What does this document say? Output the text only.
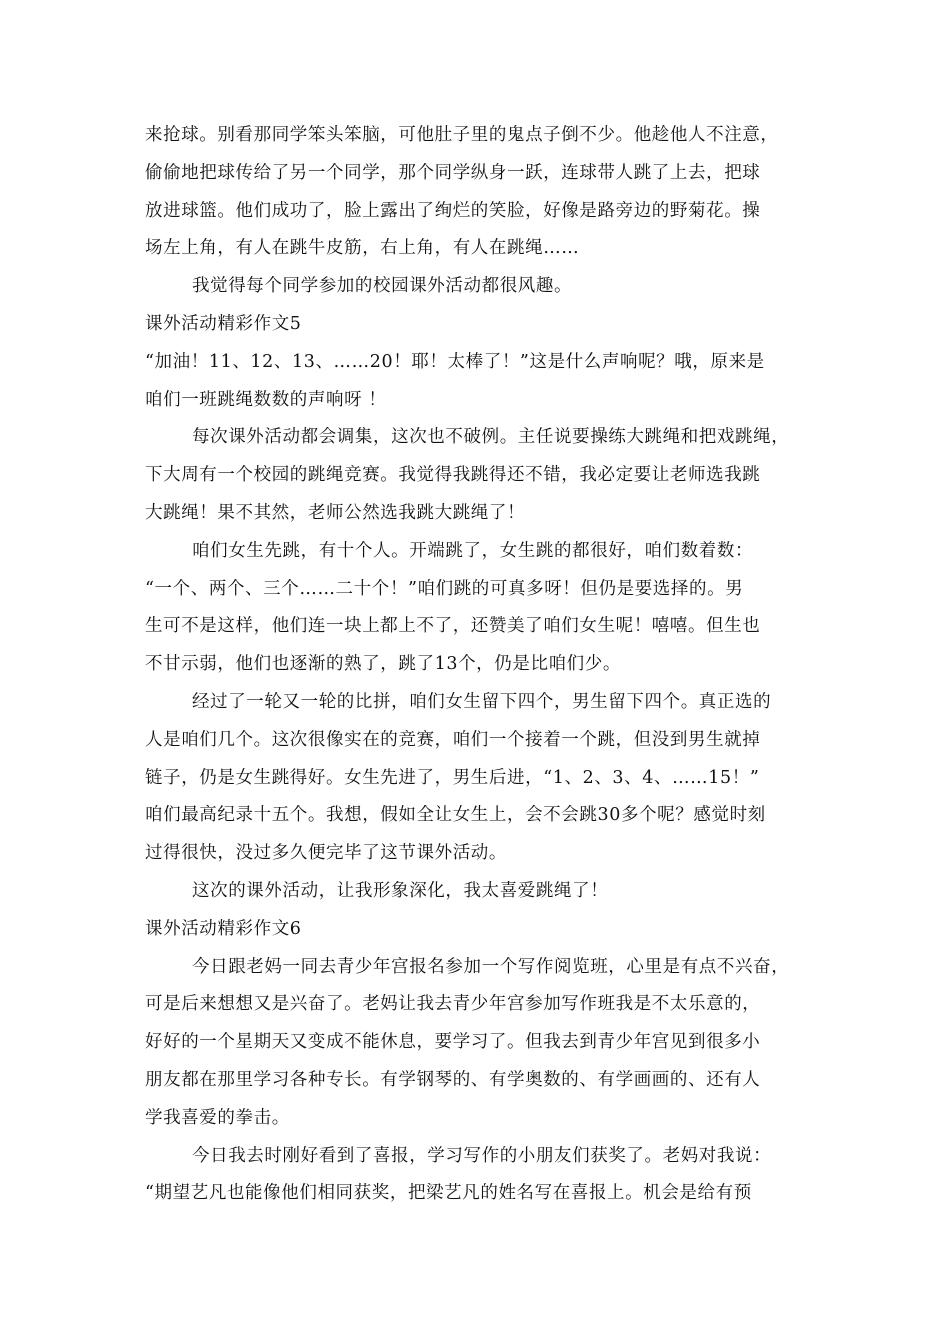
来抢球。别看那同学笨头笨脑，可他肚子里的鬼点子倒不少。他趁他人不注意，
偷偷地把球传给了另一个同学，那个同学纵身一跃，连球带人跳了上去，把球
放进球篮。他们成功了，脸上露出了绚烂的笑脸，好像是路旁边的野菊花。操
场左上角，有人在跳牛皮筋，右上角，有人在跳绳……
我觉得每个同学参加的校园课外活动都很风趣。
课外活动精彩作文5
“加油！11、12、13、……20！耶！太棒了！”这是什么声响呢？哦，原来是
咱们一班跳绳数数的声响呀 ！
每次课外活动都会调集，这次也不破例。主任说要操练大跳绳和把戏跳绳，
下大周有一个校园的跳绳竞赛。我觉得我跳得还不错，我必定要让老师选我跳
大跳绳！果不其然，老师公然选我跳大跳绳了！
咱们女生先跳，有十个人。开端跳了，女生跳的都很好，咱们数着数：
“一个、两个、三个……二十个！”咱们跳的可真多呀！但仍是要选择的。男
生可不是这样，他们连一块上都上不了，还赞美了咱们女生呢！嘻嘻。但生也
不甘示弱，他们也逐渐的熟了，跳了13个，仍是比咱们少。
经过了一轮又一轮的比拼，咱们女生留下四个，男生留下四个。真正选的
人是咱们几个。这次很像实在的竞赛，咱们一个接着一个跳，但没到男生就掉
链子，仍是女生跳得好。女生先进了，男生后进，“1、2、3、4、……15！”
咱们最高纪录十五个。我想，假如全让女生上，会不会跳30多个呢？感觉时刻
过得很快，没过多久便完毕了这节课外活动。
这次的课外活动，让我形象深化，我太喜爱跳绳了！
课外活动精彩作文6
今日跟老妈一同去青少年宫报名参加一个写作阅览班，心里是有点不兴奋，
可是后来想想又是兴奋了。老妈让我去青少年宫参加写作班我是不太乐意的，
好好的一个星期天又变成不能休息，要学习了。但我去到青少年宫见到很多小
朋友都在那里学习各种专长。有学钢琴的、有学奥数的、有学画画的、还有人
学我喜爱的拳击。
今日我去时刚好看到了喜报，学习写作的小朋友们获奖了。老妈对我说：
“期望艺凡也能像他们相同获奖，把梁艺凡的姓名写在喜报上。机会是给有预
